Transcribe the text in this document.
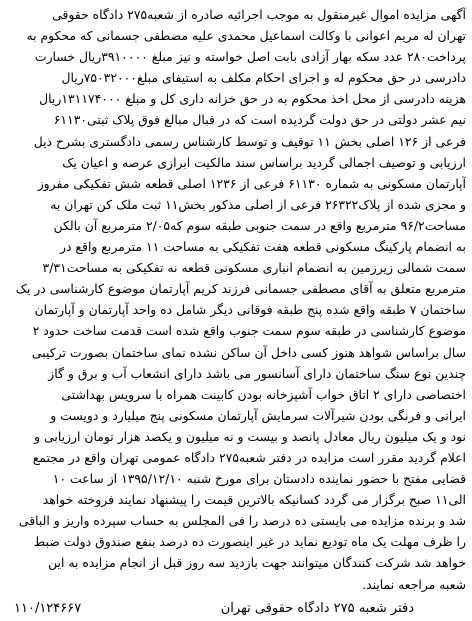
آگهی مزایده اموال غیرمنقول به موجب اجرائیه صادره از شعبه۲۷۵ دادگاه حقوقی
تهران له مریم اعوانی با وکالت اسماعیل محمدی علیه مصطفی جسمانی که محکوم به
پرداخت۲۸۰ عدد سکه بهار آزادی بابت اصل خواسته و نیز مبلغ ۳۹۱۰۰۰۰ریال خسارت
دادرسی در حق محکوم له و اجرای احکام مکلف به استیفای مبلغ۷۵۰۳۲۰۰۰ریال
هزینه دادرسی از محل اخذ محکوم به در حق خزانه داری کل و مبلغ ۱۳۱۱۷۴۰۰۰ریال
نیم عشر دولتی در حق دولت گردیده است که در قبال مبالغ فوق پلاک ثبتی۶۱۱۳۰
فرعی از ۱۲۶ اصلی بخش ۱۱ توقیف و توسط کارشناس رسمی دادگستری بشرح ذیل
ارزیابی و توصیف اجمالی گردید براساس سند مالکیت ابرازی عرصه و اعیان یک
آپارتمان مسکونی به شماره ۶۱۱۳۰ فرعی از ۱۲۳۶ اصلی قطعه شش تفکیکی مفروز
و مجزی شده از پلاک۲۶۳۲۲ فرعی از اصلی مذکور بخش۱۱ ثبت ملک کن تهران به
مساحت۹۶/۲ مترمربع واقع در سمت جنوبی طبقه سوم که۲/۰۵ مترمربع آن بالکن
به انضمام پارکینگ مسکونی قطعه هفت تفکیکی به مساحت ۱۱ مترمربع واقع در
سمت شمالی زیرزمین به انضمام انباری مسکونی قطعه نه تفکیکی به مساحت۳/۳۱
مترمربع متعلق به آقای مصطفی جسمانی فرزند کریم آپارتمان موضوع کارشناسی در یک
ساختمان ۷ طبقه واقع شده پنج طبقه فوقانی دیگر شامل ده واحد آپارتمان و آپارتمان
موضوع کارشناسی در طبقه سوم سمت جنوب واقع شده است قدمت ساخت حدود ۲
سال براساس شواهد هنوز کسی داخل آن ساکن نشده نمای ساختمان بصورت ترکیبی
چندین نوع سنگ ساختمان دارای آسانسور می باشد دارای انشعاب آب و برق و گاز
اختصاصی دارای ۲ اتاق خواب آشپزخانه بودن کابینت همراه با سرویس بهداشتی
ایرانی و فرنگی بودن شیرآلات سرمایش آپارتمان مسکونی پنج میلیارد و دویست و
نود و یک میلیون ریال معادل پانصد و بیست و نه میلیون و یکصد هزار تومان ارزیابی و
اعلام گردید مقرر است مزایده در دفتر شعبه۲۷۵ دادگاه عمومی تهران واقع در مجتمع
قضایی مفتح با حضور نماینده دادستان برای مورخ شنبه ۱۳۹۵/۱۲/۱۰ از ساعت ۱۰
الی۱۱ صبح برگزار می گردد کسانیکه بالاترین قیمت را پیشنهاد نمایند فروخته خواهد
شد و برنده مزایده می بایستی ده درصد را فی المجلس به حساب سپرده واریز و الباقی
را ظرف مهلت یک ماه تودیع نماید در غیر اینصورت ده درصد بنفع صندوق دولت ضبط
خواهد شد شرکت کنندگان میتوانند جهت بازدید سه روز قبل از انجام مزایده به این
شعبه مراجعه نمایند.
دفتر شعبه ۲۷۵ دادگاه حقوقی تهران
۱۱۰/۱۲۴۶۶۷
